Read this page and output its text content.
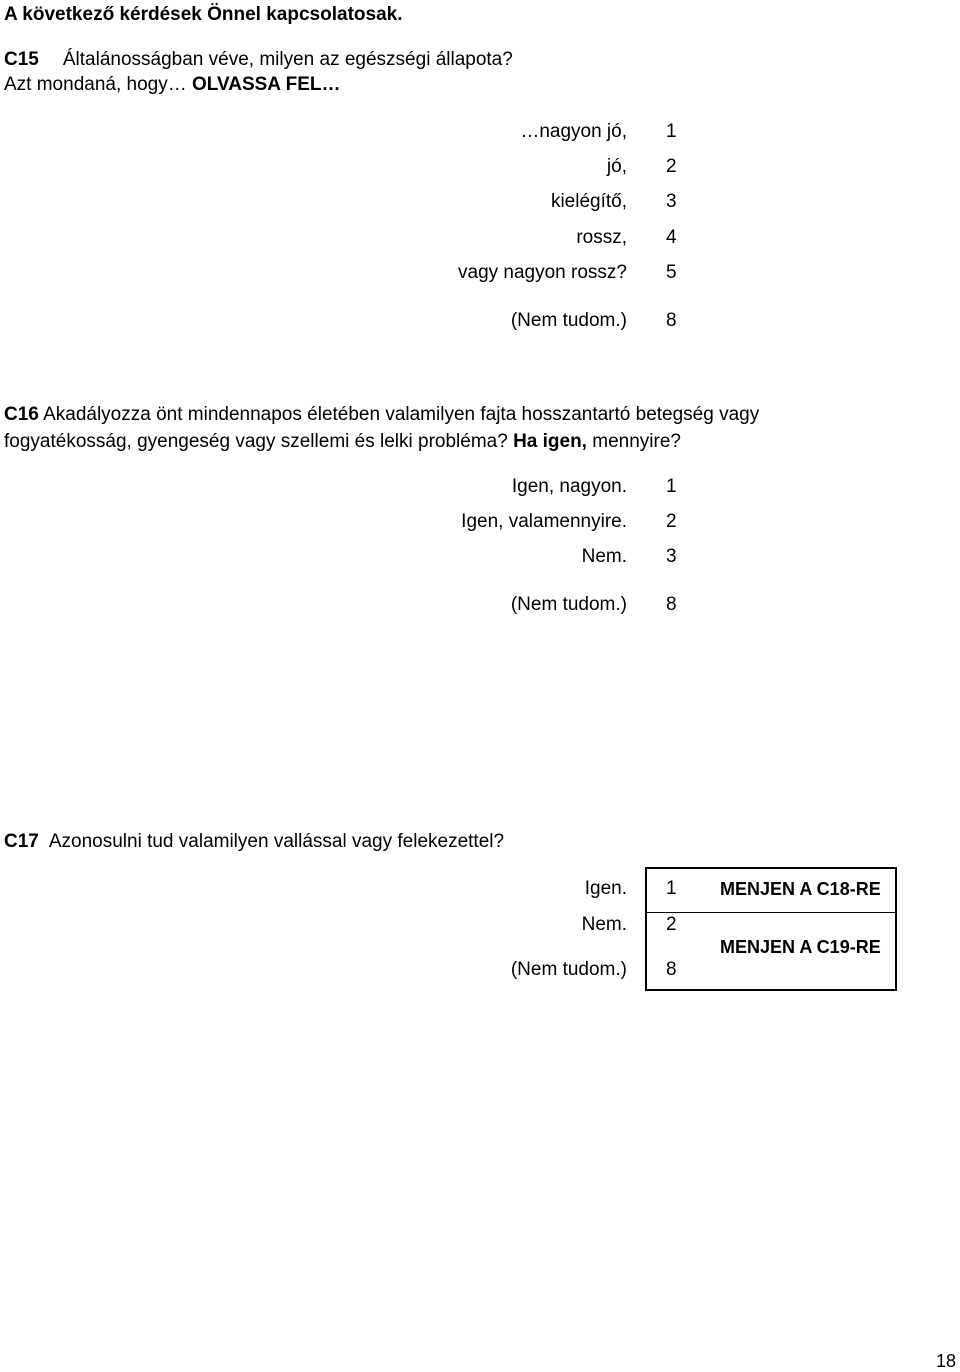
A következő kérdések Önnel kapcsolatosak.
C15 Általánosságban véve, milyen az egészségi állapota?
Azt mondaná, hogy… OLVASSA FEL…
…nagyon jó, 1
jó, 2
kielégítő, 3
rossz, 4
vagy nagyon rossz? 5
(Nem tudom.) 8
C16 Akadályozza önt mindennapos életében valamilyen fajta hosszantartó betegség vagy
fogyatékosság, gyengeség vagy szellemi és lelki probléma? Ha igen, mennyire?
Igen, nagyon. 1
Igen, valamennyire. 2
Nem. 3
(Nem tudom.) 8
C17 Azonosulni tud valamilyen vallással vagy felekezettel?
Igen. 1
Nem. 2
(Nem tudom.) 8
MENJEN A C18-RE
MENJEN A C19-RE
18
